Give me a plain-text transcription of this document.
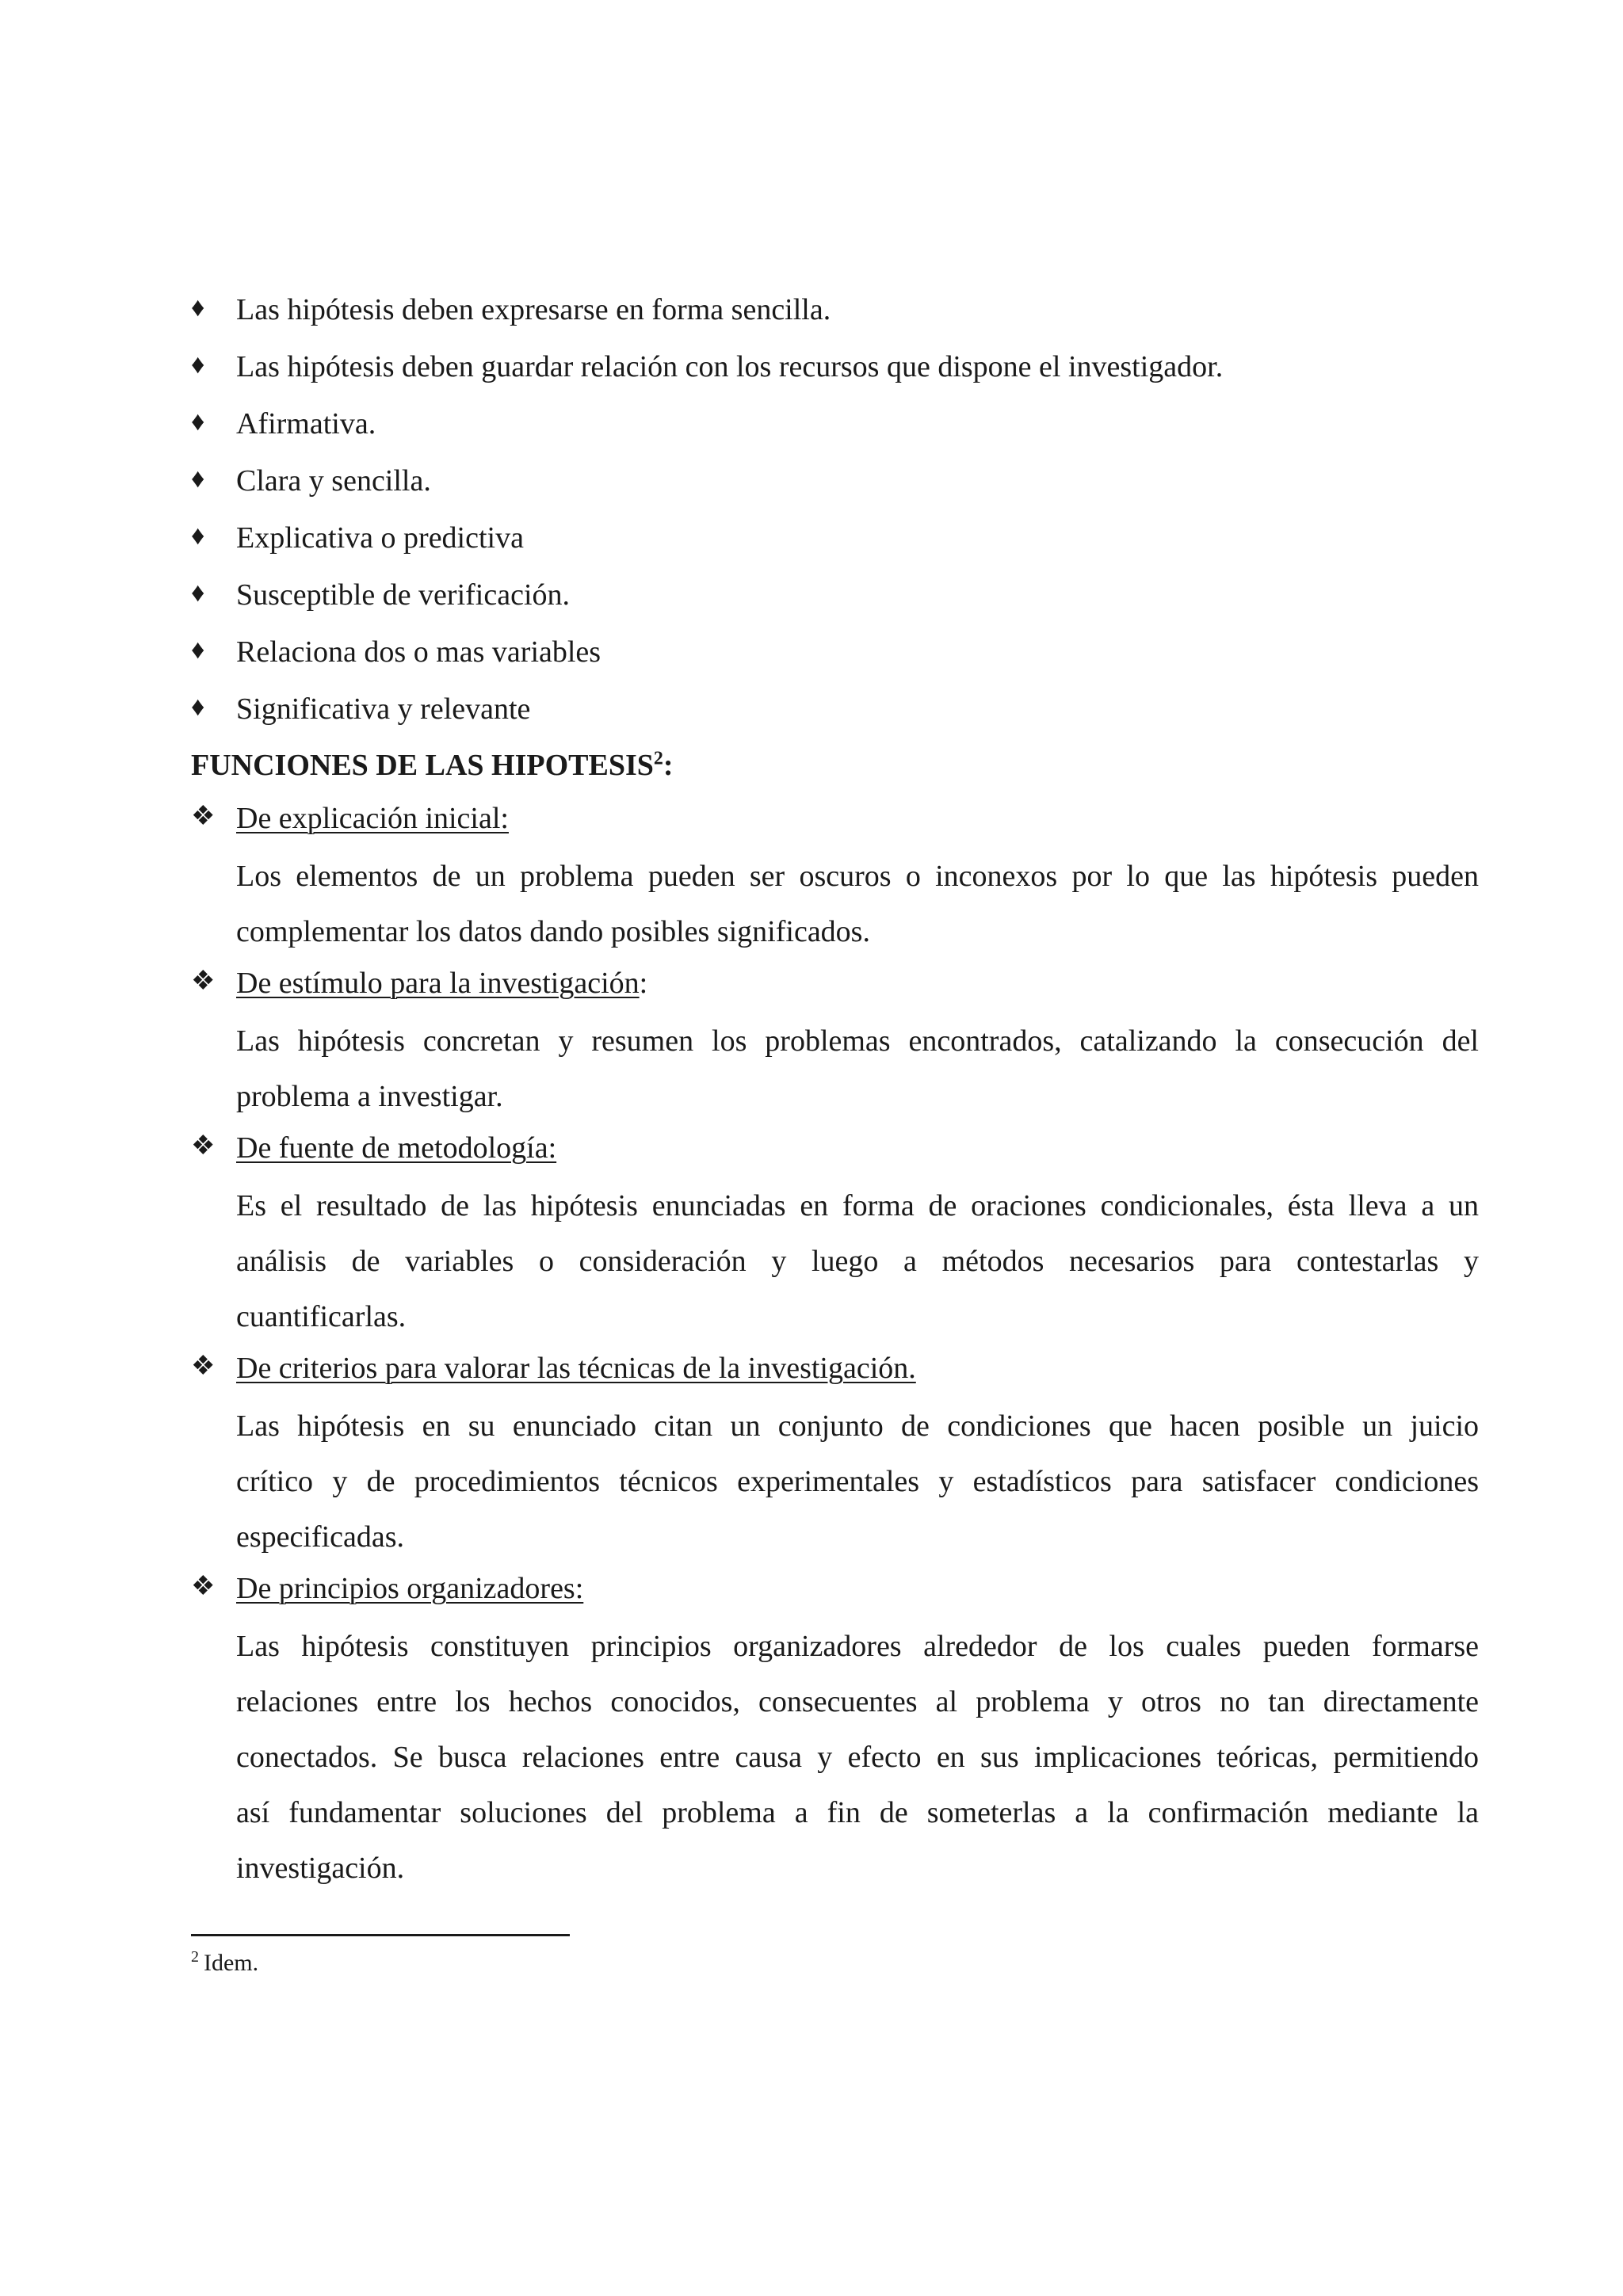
♦	Las hipótesis deben expresarse en forma sencilla.
♦	Las hipótesis deben guardar relación con los recursos que dispone el investigador.
♦	Afirmativa.
♦	Clara y sencilla.
♦	Explicativa o predictiva
♦	Susceptible de verificación.
♦	Relaciona dos o mas variables
♦	Significativa y relevante
FUNCIONES DE LAS HIPOTESIS$^2$:
❖ De explicación inicial:
Los elementos de un problema pueden ser oscuros o inconexos por lo que las hipótesis pueden
complementar los datos dando posibles significados.
❖ De estímulo para la investigación:
Las hipótesis concretan y resumen los problemas encontrados, catalizando la consecución del
problema a investigar.
❖ De fuente de metodología:
Es el resultado de las hipótesis enunciadas en forma de oraciones condicionales, ésta lleva a un
análisis de variables o consideración y luego a métodos necesarios para contestarlas y
cuantificarlas.
❖ De criterios para valorar las técnicas de la investigación.
Las hipótesis en su enunciado citan un conjunto de condiciones que hacen posible un juicio
crítico y de procedimientos técnicos experimentales y estadísticos para satisfacer condiciones
especificadas.
❖ De principios organizadores:
Las hipótesis constituyen principios organizadores alrededor de los cuales pueden formarse
relaciones entre los hechos conocidos, consecuentes al problema y otros no tan directamente
conectados. Se busca relaciones entre causa y efecto en sus implicaciones teóricas, permitiendo
así fundamentar soluciones del problema a fin de someterlas a la confirmación mediante la
investigación.
$^2$ Idem.
